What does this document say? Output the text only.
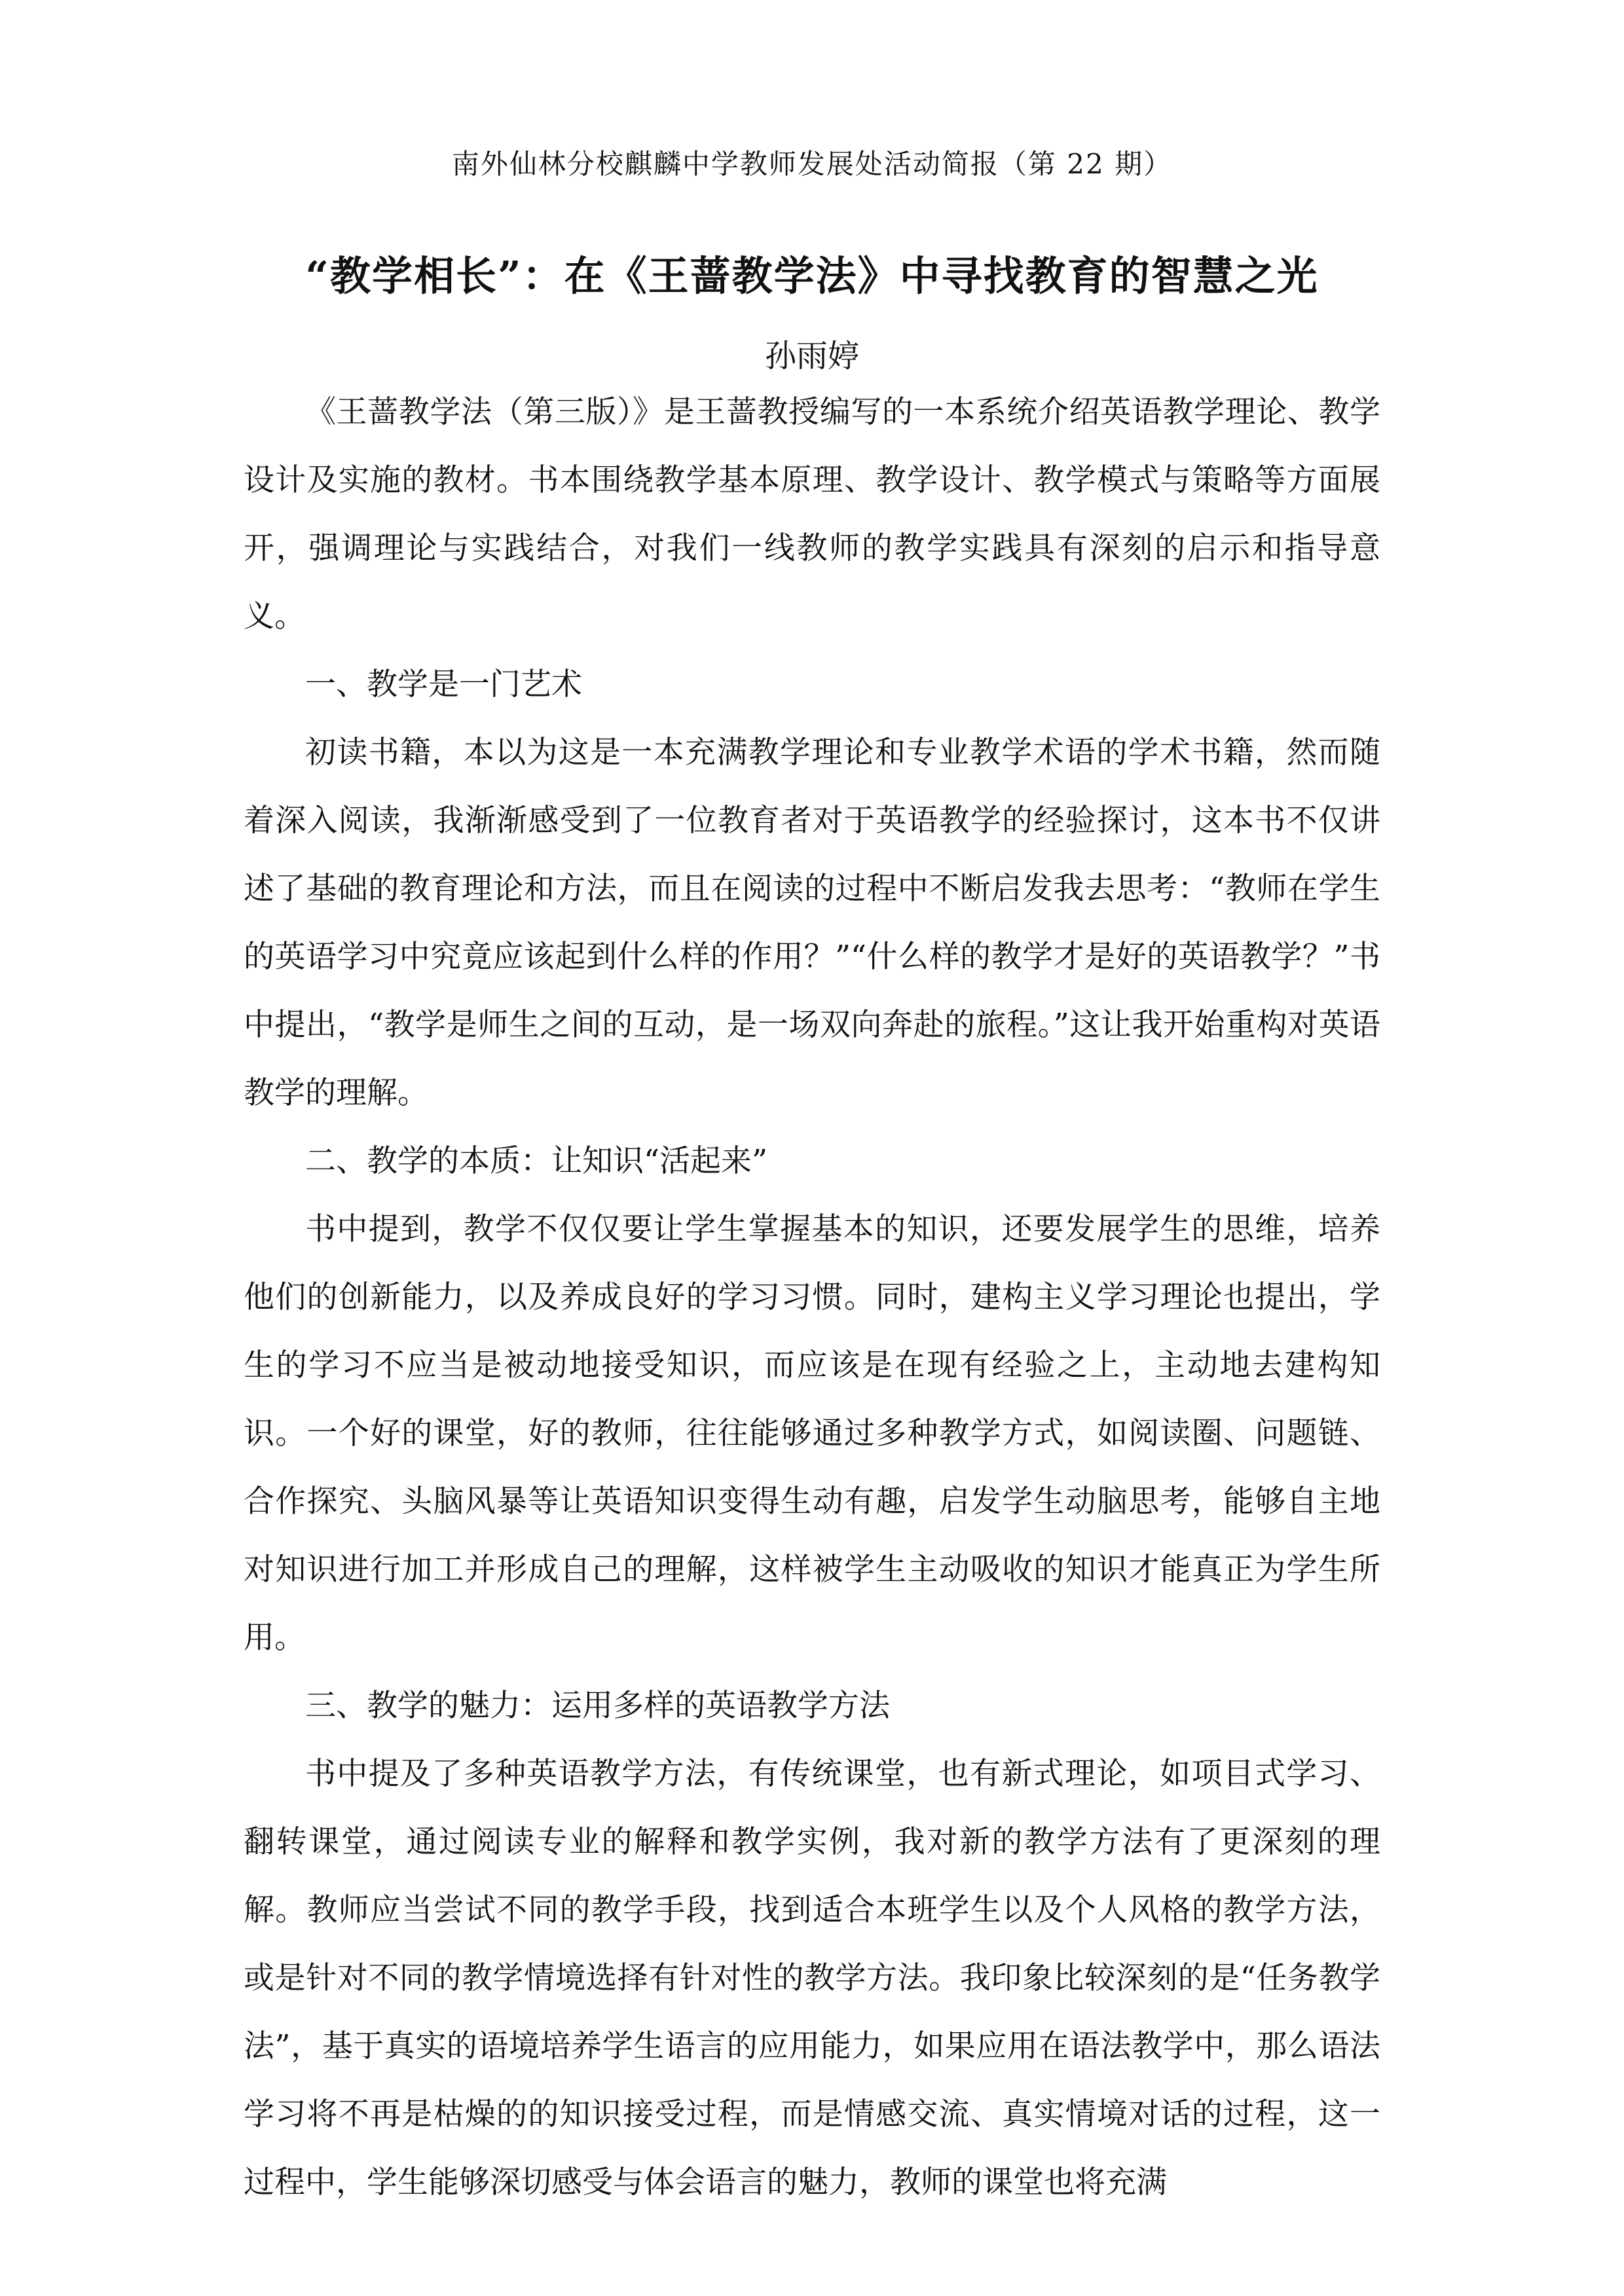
南外仙林分校麒麟中学教师发展处活动简报（第 22 期）
“教学相长”：在《王蔷教学法》中寻找教育的智慧之光
孙雨婷

《王蔷教学法（第三版）》是王蔷教授编写的一本系统介绍英语教学理论、教学设计及实施的教材。书本围绕教学基本原理、教学设计、教学模式与策略等方面展开，强调理论与实践结合，对我们一线教师的教学实践具有深刻的启示和指导意义。

一、教学是一门艺术

初读书籍，本以为这是一本充满教学理论和专业教学术语的学术书籍，然而随着深入阅读，我渐渐感受到了一位教育者对于英语教学的经验探讨，这本书不仅讲述了基础的教育理论和方法，而且在阅读的过程中不断启发我去思考：“教师在学生的英语学习中究竟应该起到什么样的作用？”“什么样的教学才是好的英语教学？”书中提出，“教学是师生之间的互动，是一场双向奔赴的旅程。”这让我开始重构对英语教学的理解。

二、教学的本质：让知识“活起来”

书中提到，教学不仅仅要让学生掌握基本的知识，还要发展学生的思维，培养他们的创新能力，以及养成良好的学习习惯。同时，建构主义学习理论也提出，学生的学习不应当是被动地接受知识，而应该是在现有经验之上，主动地去建构知识。一个好的课堂，好的教师，往往能够通过多种教学方式，如阅读圈、问题链、合作探究、头脑风暴等让英语知识变得生动有趣，启发学生动脑思考，能够自主地对知识进行加工并形成自己的理解，这样被学生主动吸收的知识才能真正为学生所用。

三、教学的魅力：运用多样的英语教学方法

书中提及了多种英语教学方法，有传统课堂，也有新式理论，如项目式学习、翻转课堂，通过阅读专业的解释和教学实例，我对新的教学方法有了更深刻的理解。教师应当尝试不同的教学手段，找到适合本班学生以及个人风格的教学方法，或是针对不同的教学情境选择有针对性的教学方法。我印象比较深刻的是“任务教学法”，基于真实的语境培养学生语言的应用能力，如果应用在语法教学中，那么语法学习将不再是枯燥的的知识接受过程，而是情感交流、真实情境对话的过程，这一过程中，学生能够深切感受与体会语言的魅力，教师的课堂也将充满
